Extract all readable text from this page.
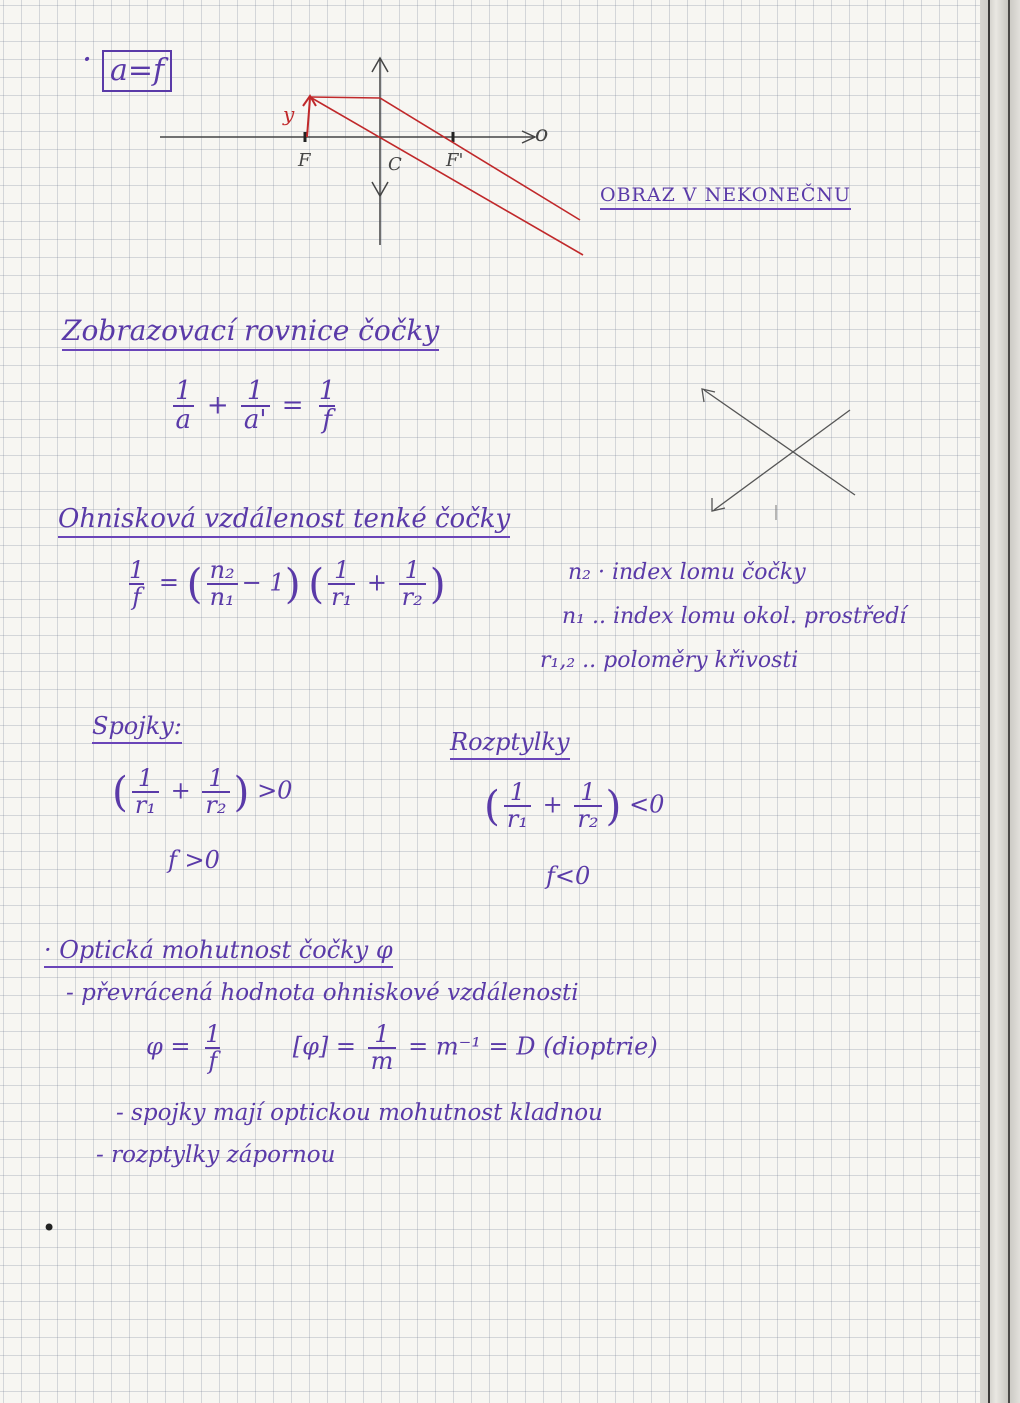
· a=f
y
F	C F'
o
OBRAZ V NEKONEČNU
Zobrazovací rovnice čočky
$\frac{1}{a} + \frac{1}{a'} = \frac{1}{f}$
Ohnisková vzdálenost tenké čočky
$\frac{1}{f}$ = ( $\frac{\text{n₂}}{\text{n₁}} - 1$) ( $\frac{1}{\text{r₁}} + \frac{1}{\text{r₂}}$ )	n₂ · index lomu čočky
n₁ .. index lomu okol. prostředí
r₁,₂ .. poloměry křivosti
Spojky:
( $\frac{1}{\text{r₁}} + \frac{1}{\text{r₂}}$ ) >0
f >0
Rozptylky
( $\frac{1}{\text{r₁}} + \frac{1}{\text{r₂}}$ ) <0
f<0
· Optická mohutnost čočky φ
- převrácená hodnota ohniskové vzdálenosti
$\varphi = \frac{1}{f}$	$[\varphi] = \frac{1}{m} = m^{-1} = D$ (dioptrie)
- spojky mají optickou mohutnost kladnou
- rozptylky zápornou
•
